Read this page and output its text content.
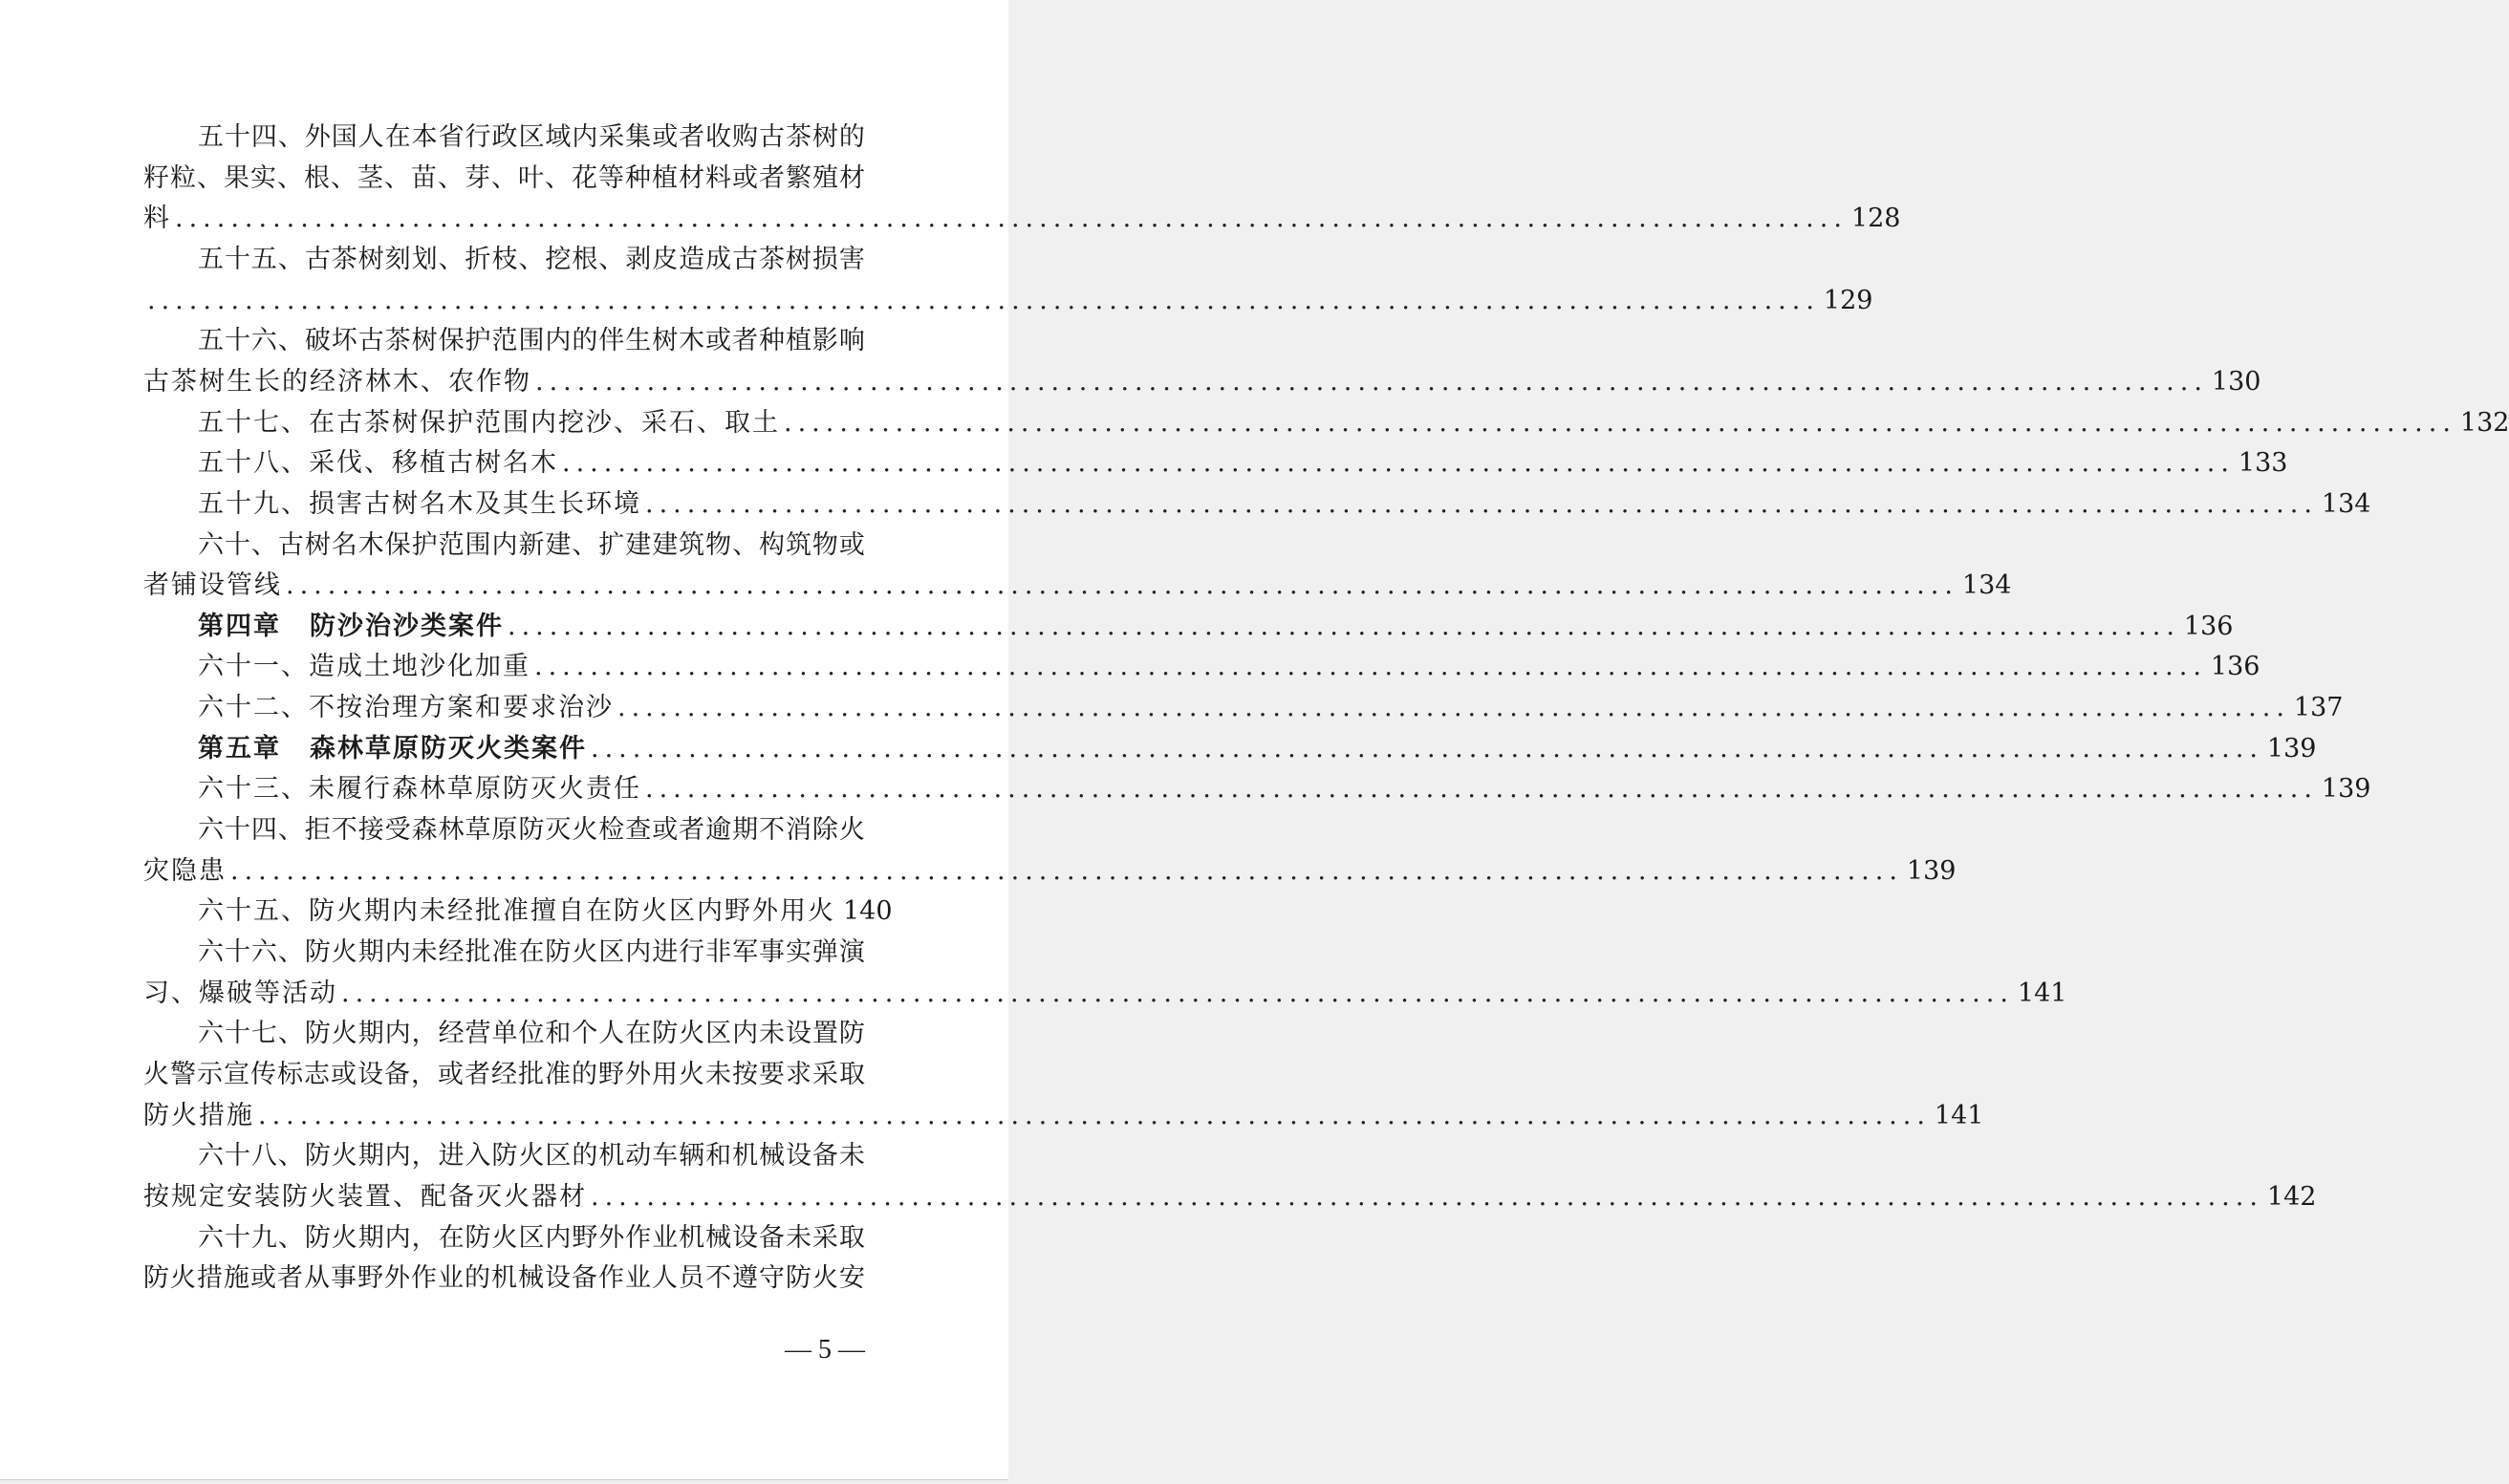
五 十 四 、 外 国 人 在 本 省 行 政 区 域 内 采 集 或 者 收 购 古 茶 树 的
籽 粒 、 果 实 、 根 、 茎 、 苗 、 芽 、 叶 、 花 等 种 植 材 料 或 者 繁 殖 材
料 ........................................................................................................................ 128
五 十 五 、 古 茶 树 刻 划 、 折 枝 、 挖 根 、 剥 皮 造 成 古 茶 树 损 害
........................................................................................................................ 129
五 十 六 、 破 坏 古 茶 树 保 护 范 围 内 的 伴 生 树 木 或 者 种 植 影 响
古茶树生长的经济林木、农作物 ........................................................................................................................ 130
五十七、在古茶树保护范围内挖沙、采石、取土 ........................................................................................................................ 132
五十八、采伐、移植古树名木 ........................................................................................................................ 133
五十九、损害古树名木及其生长环境 ........................................................................................................................ 134
六 十 、 古 树 名 木 保 护 范 围 内 新 建 、 扩 建 建 筑 物 、 构 筑 物 或
者铺设管线 ........................................................................................................................ 134
第四章 防沙治沙类案件 ........................................................................................................................ 136
六十一、造成土地沙化加重 ........................................................................................................................ 136
六十二、不按治理方案和要求治沙 ........................................................................................................................ 137
第五章 森林草原防灭火类案件 ........................................................................................................................ 139
六十三、未履行森林草原防灭火责任 ........................................................................................................................ 139
六 十 四 、 拒 不 接 受 森 林 草 原 防 灭 火 检 查 或 者 逾 期 不 消 除 火
灾隐患 ........................................................................................................................ 139
六十五、防火期内未经批准擅自在防火区内野外用火 140
六 十 六 、 防 火 期 内 未 经 批 准 在 防 火 区 内 进 行 非 军 事 实 弹 演
习、爆破等活动 ........................................................................................................................ 141
六 十 七 、 防 火 期 内 ， 经 营 单 位 和 个 人 在 防 火 区 内 未 设 置 防
火 警 示 宣 传 标 志 或 设 备 ， 或 者 经 批 准 的 野 外 用 火 未 按 要 求 采 取
防火措施 ........................................................................................................................ 141
六 十 八 、 防 火 期 内 ， 进 入 防 火 区 的 机 动 车 辆 和 机 械 设 备 未
按规定安装防火装置、配备灭火器材 ........................................................................................................................ 142
六 十 九 、 防 火 期 内 ， 在 防 火 区 内 野 外 作 业 机 械 设 备 未 采 取
防 火 措 施 或 者 从 事 野 外 作 业 的 机 械 设 备 作 业 人 员 不 遵 守 防 火 安
— 5 —
